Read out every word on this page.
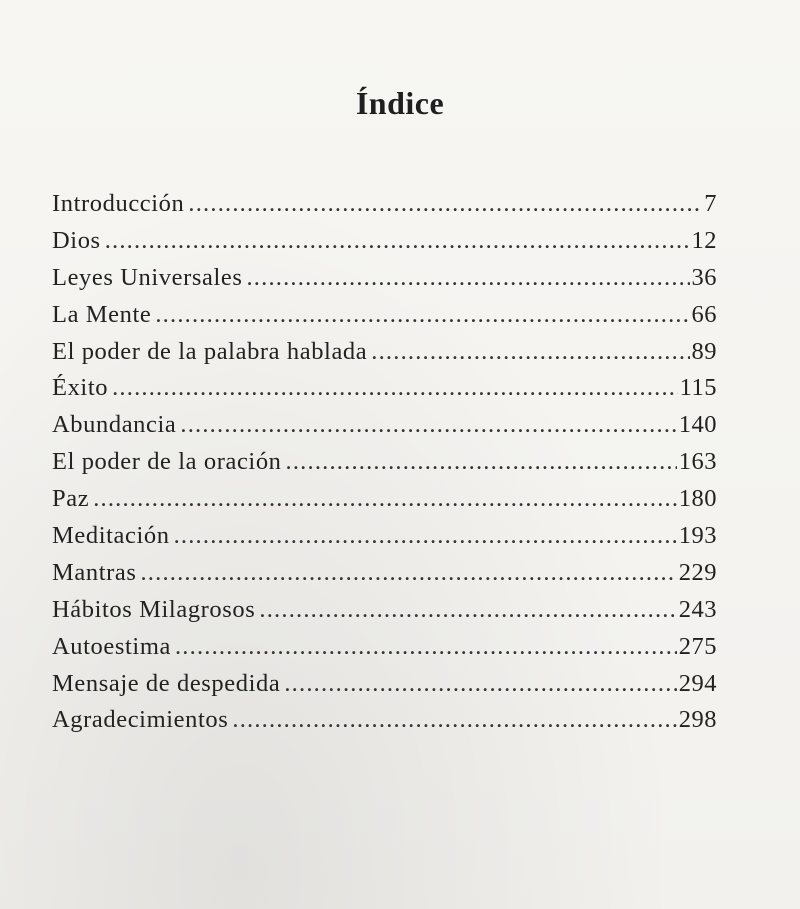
Índice
Introducción .....	7
Dios .....	12
Leyes Universales .....	36
La Mente .....	66
El poder de la palabra hablada .....	89
Éxito .....	115
Abundancia .....	140
El poder de la oración .....	163
Paz .....	180
Meditación .....	193
Mantras .....	229
Hábitos Milagrosos .....	243
Autoestima .....	275
Mensaje de despedida .....	294
Agradecimientos .....	298
